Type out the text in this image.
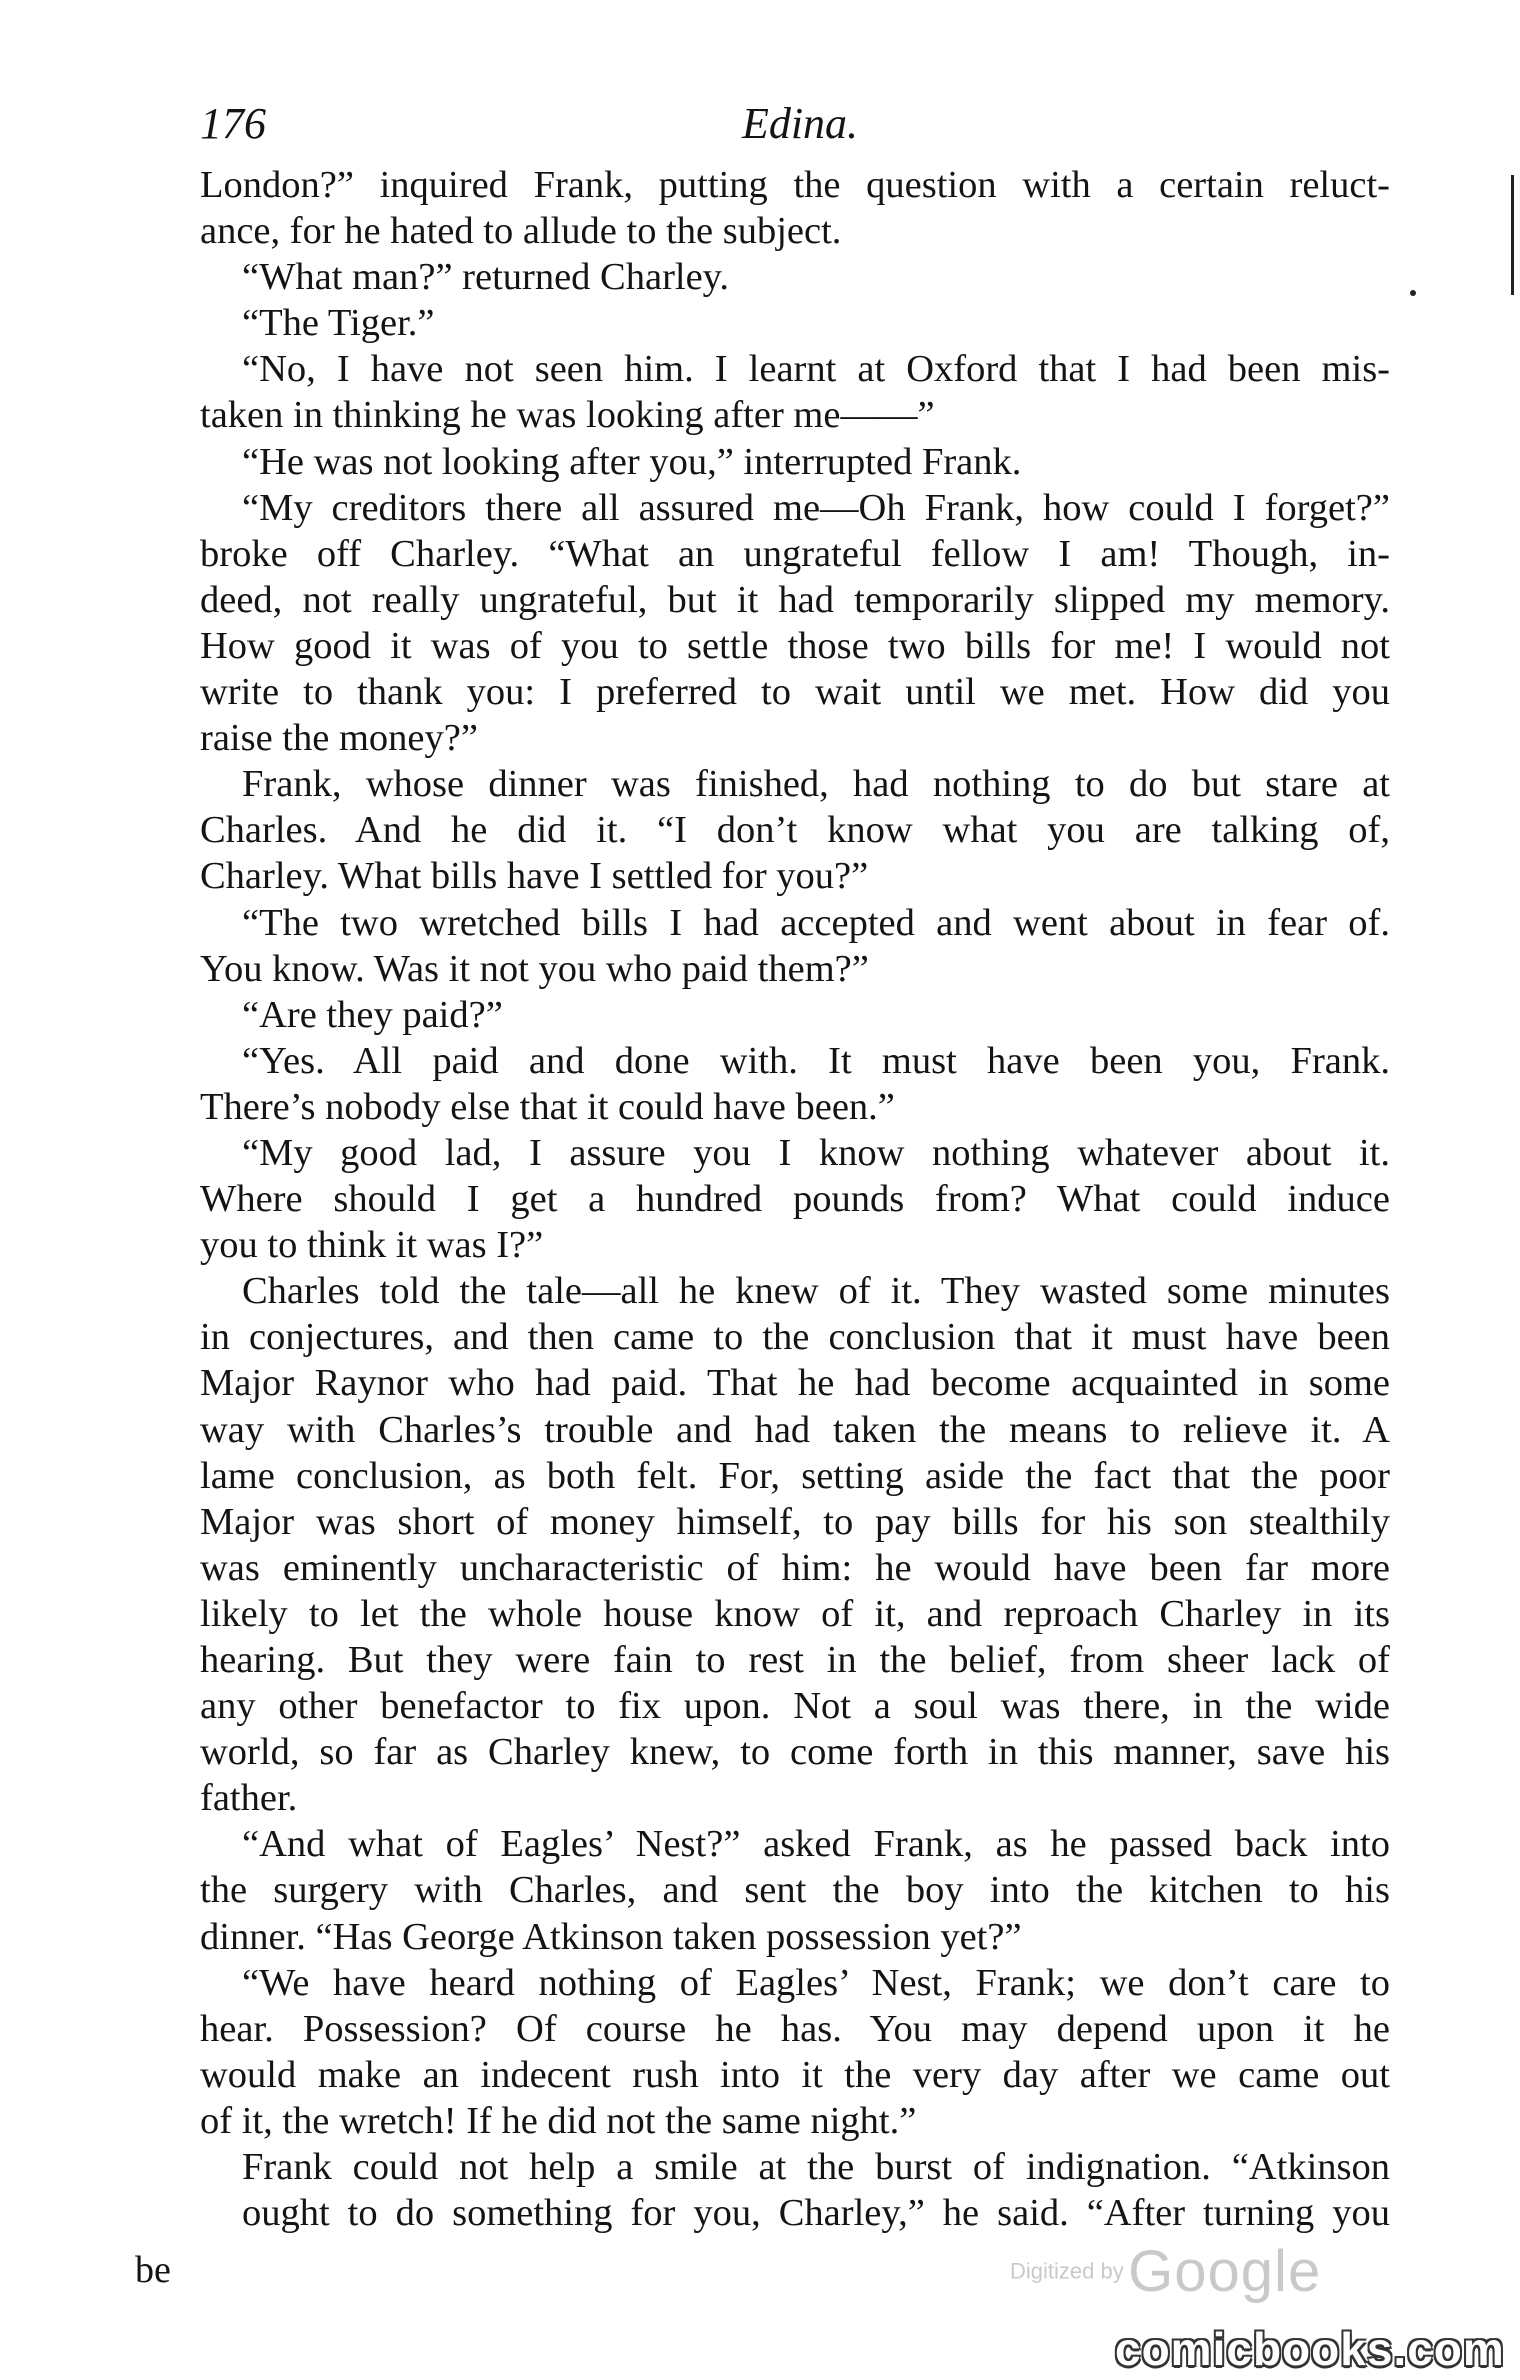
176	Edina.
London?” inquired Frank, putting the question with a certain reluct-
ance, for he hated to allude to the subject.
“What man?” returned Charley.
“The Tiger.”
“No, I have not seen him. I learnt at Oxford that I had been mis-
taken in thinking he was looking after me——”
“He was not looking after you,” interrupted Frank.
“My creditors there all assured me—Oh Frank, how could I forget?”
broke off Charley. “What an ungrateful fellow I am! Though, in-
deed, not really ungrateful, but it had temporarily slipped my memory.
How good it was of you to settle those two bills for me! I would not
write to thank you: I preferred to wait until we met. How did you
raise the money?”
Frank, whose dinner was finished, had nothing to do but stare at
Charles. And he did it. “I don’t know what you are talking of,
Charley. What bills have I settled for you?”
“The two wretched bills I had accepted and went about in fear of.
You know. Was it not you who paid them?”
“Are they paid?”
“Yes. All paid and done with. It must have been you, Frank.
There’s nobody else that it could have been.”
“My good lad, I assure you I know nothing whatever about it.
Where should I get a hundred pounds from? What could induce
you to think it was I?”
Charles told the tale—all he knew of it. They wasted some minutes
in conjectures, and then came to the conclusion that it must have been
Major Raynor who had paid. That he had become acquainted in some
way with Charles’s trouble and had taken the means to relieve it. A
lame conclusion, as both felt. For, setting aside the fact that the poor
Major was short of money himself, to pay bills for his son stealthily
was eminently uncharacteristic of him: he would have been far more
likely to let the whole house know of it, and reproach Charley in its
hearing. But they were fain to rest in the belief, from sheer lack of
any other benefactor to fix upon. Not a soul was there, in the wide
world, so far as Charley knew, to come forth in this manner, save his
father.
“And what of Eagles’ Nest?” asked Frank, as he passed back into
the surgery with Charles, and sent the boy into the kitchen to his
dinner. “Has George Atkinson taken possession yet?”
“We have heard nothing of Eagles’ Nest, Frank; we don’t care to
hear. Possession? Of course he has. You may depend upon it he
would make an indecent rush into it the very day after we came out
of it, the wretch! If he did not the same night.”
Frank could not help a smile at the burst of indignation. “Atkinson
ought to do something for you, Charley,” he said. “After turning you
be	Digitized by Google
comicbooks.com
